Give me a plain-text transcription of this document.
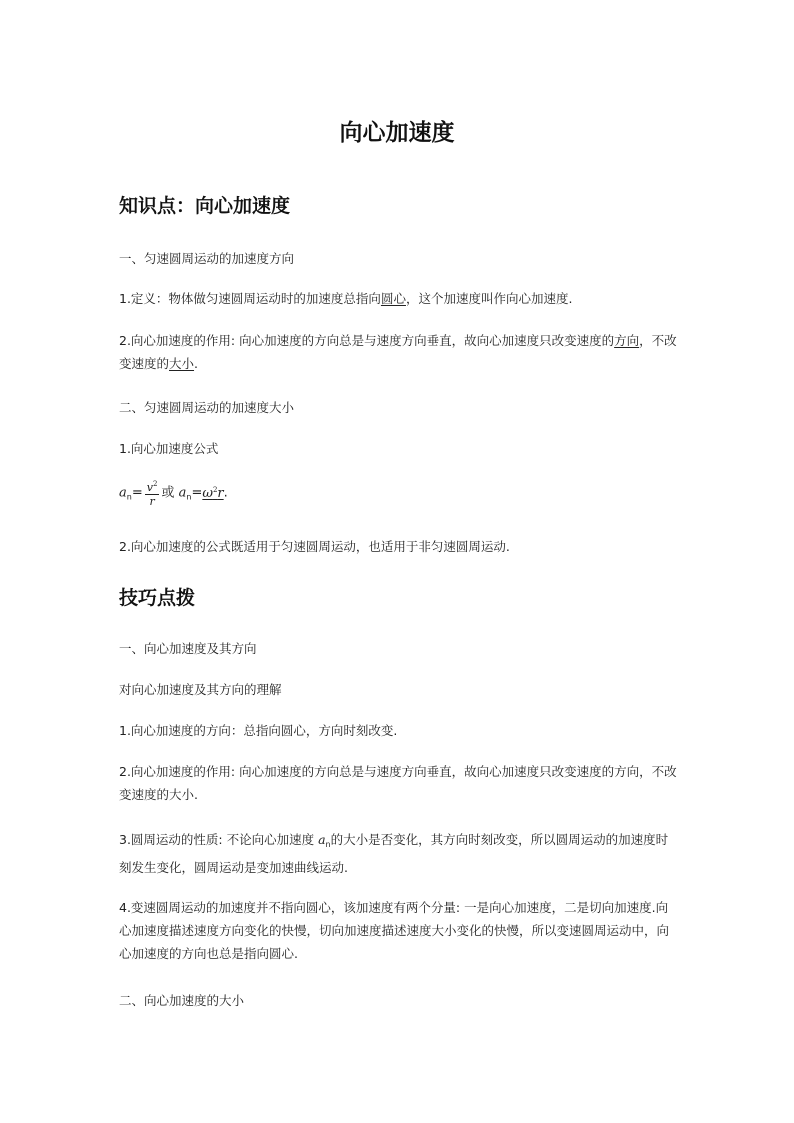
向心加速度
知识点：向心加速度

一、匀速圆周运动的加速度方向

1.定义：物体做匀速圆周运动时的加速度总指向圆心，这个加速度叫作向心加速度.

2.向心加速度的作用: 向心加速度的方向总是与速度方向垂直，故向心加速度只改变速度的方向，不改变速度的大小.

二、匀速圆周运动的加速度大小

1.向心加速度公式

$a_n= \frac{v^2}{r}$ 或 $a_n=\omega^2r$.

2.向心加速度的公式既适用于匀速圆周运动，也适用于非匀速圆周运动.

技巧点拨

一、向心加速度及其方向

对向心加速度及其方向的理解

1.向心加速度的方向：总指向圆心，方向时刻改变.

2.向心加速度的作用: 向心加速度的方向总是与速度方向垂直，故向心加速度只改变速度的方向，不改变速度的大小.

3.圆周运动的性质: 不论向心加速度 $a_n$的大小是否变化，其方向时刻改变，所以圆周运动的加速度时刻发生变化，圆周运动是变加速曲线运动.

4.变速圆周运动的加速度并不指向圆心，该加速度有两个分量: 一是向心加速度，二是切向加速度.向心加速度描述速度方向变化的快慢，切向加速度描述速度大小变化的快慢，所以变速圆周运动中，向心加速度的方向也总是指向圆心.

二、向心加速度的大小
